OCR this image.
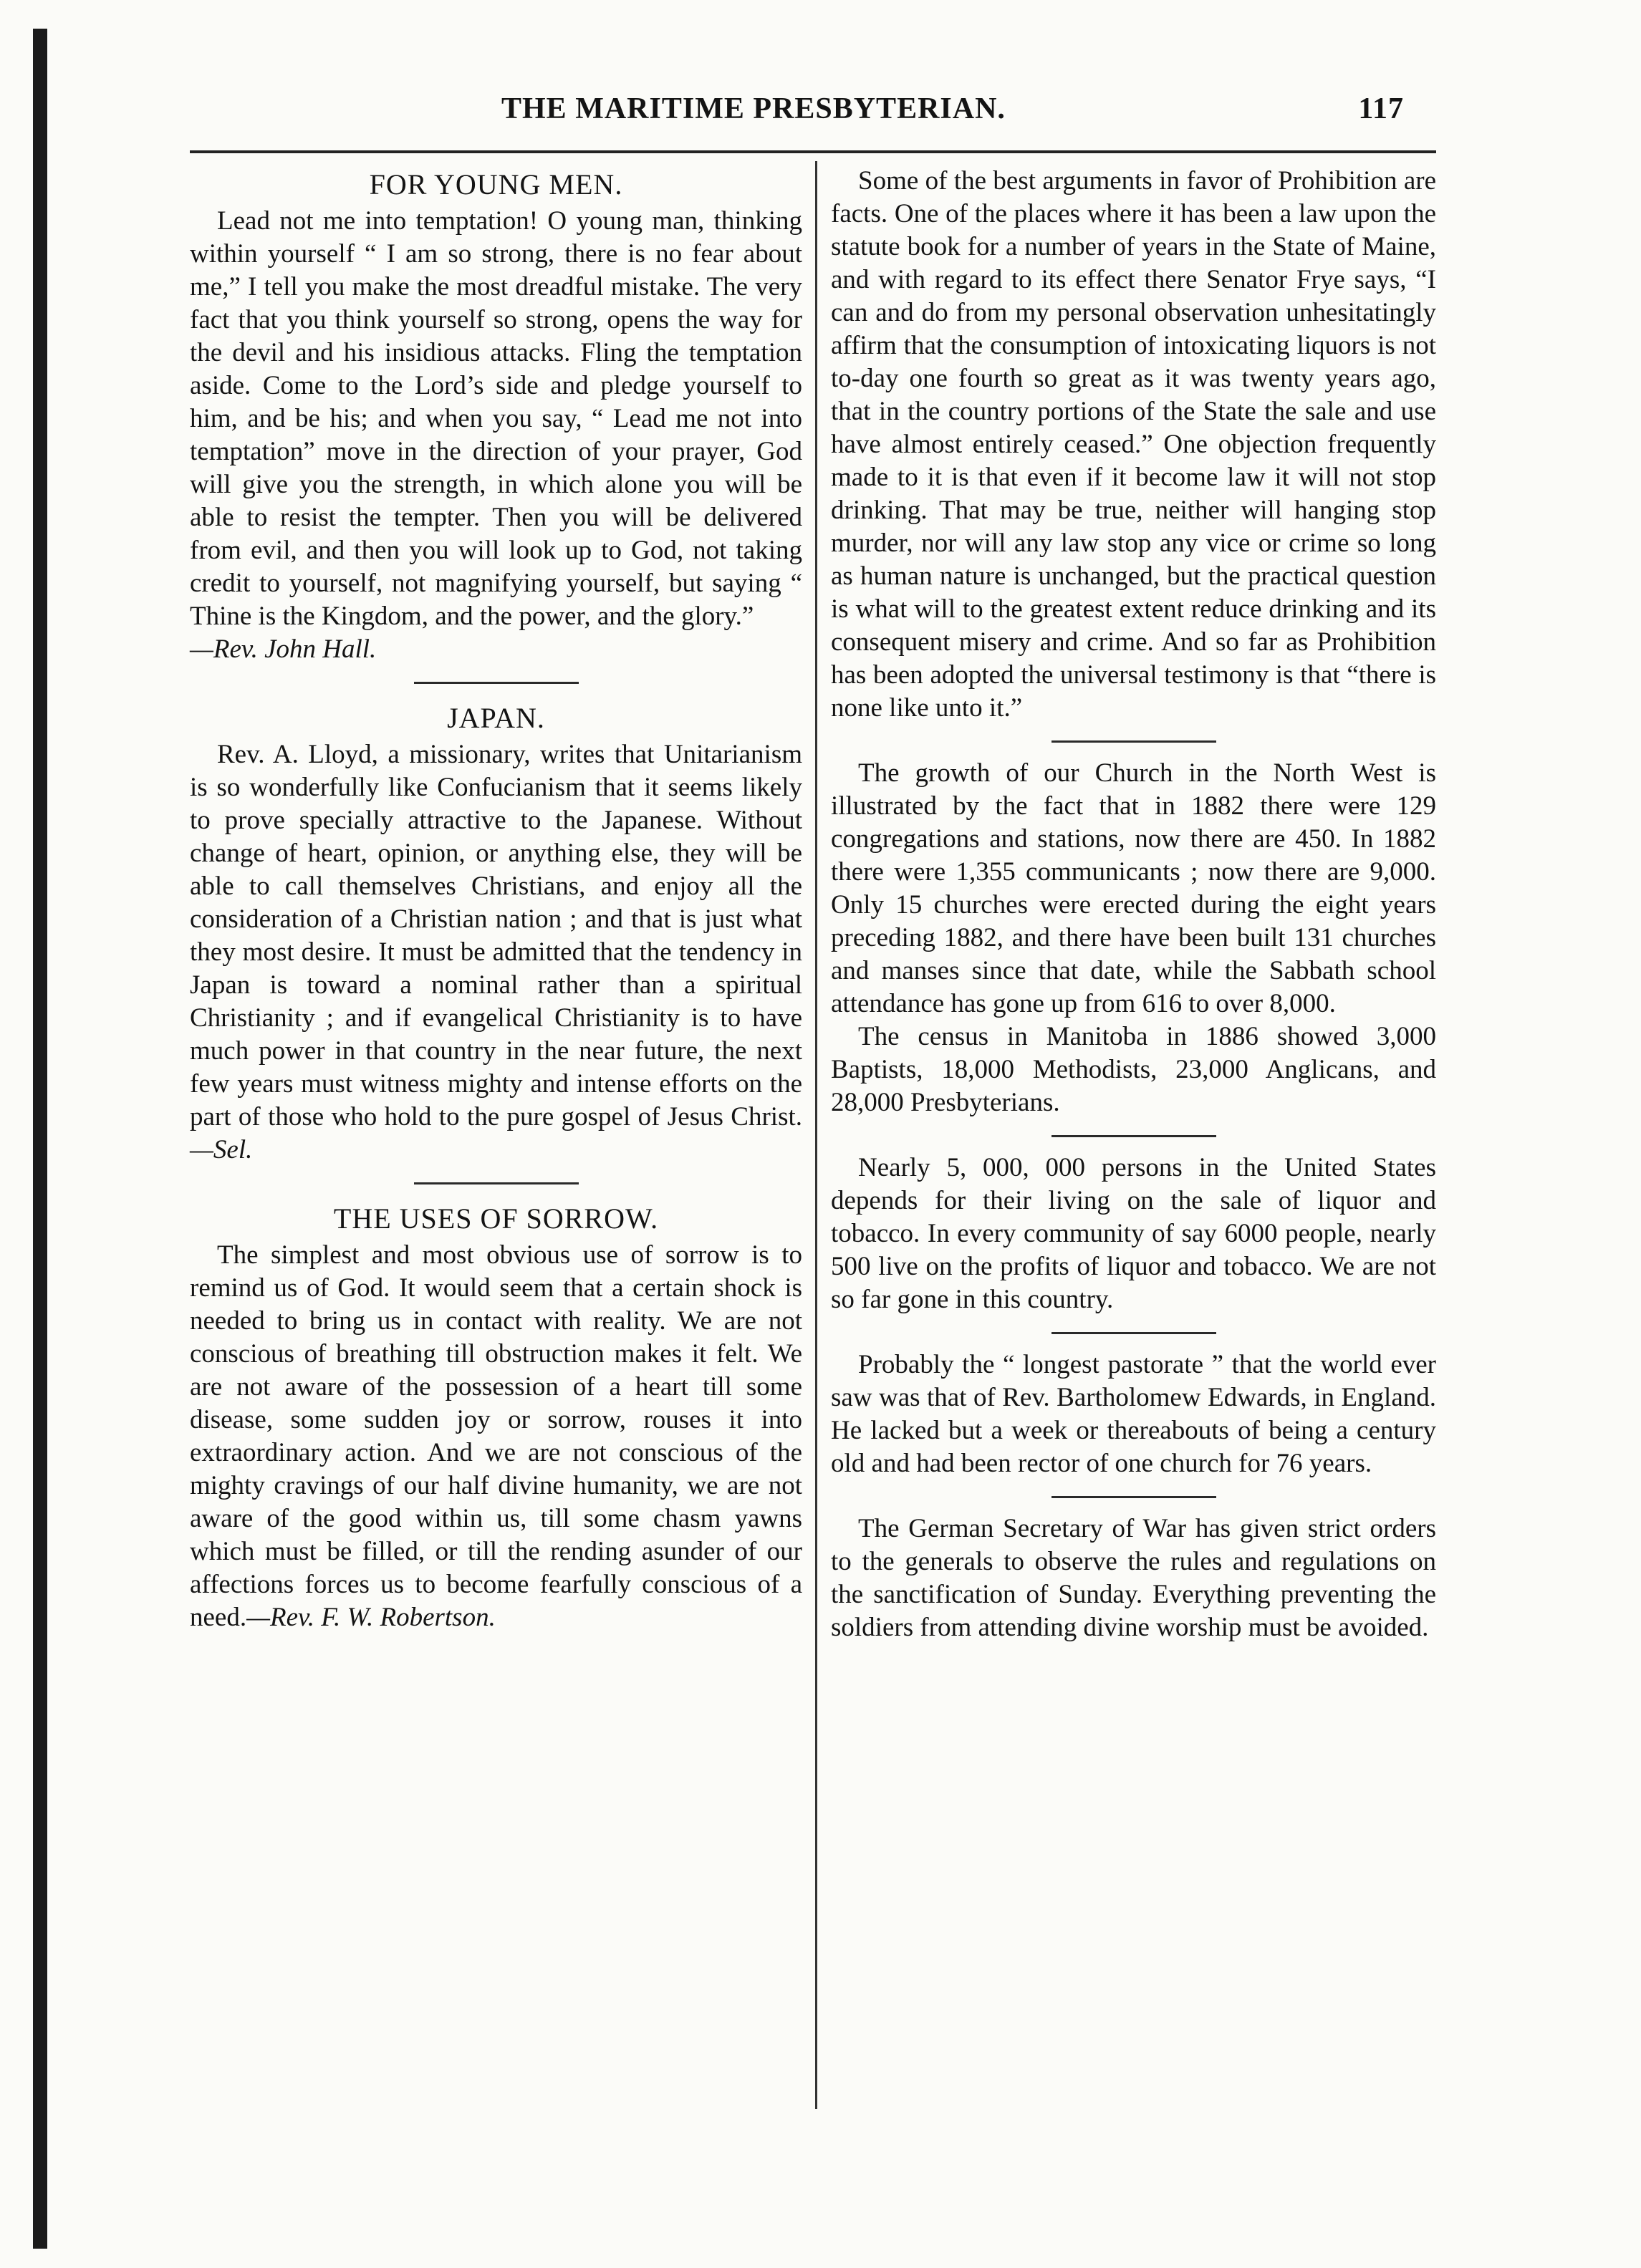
THE MARITIME PRESBYTERIAN.	117
FOR YOUNG MEN.

Lead not me into temptation! O young man, thinking within yourself “ I am so strong, there is no fear about me,” I tell you make the most dreadful mistake. The very fact that you think yourself so strong, opens the way for the devil and his insidious attacks. Fling the temptation aside. Come to the Lord’s side and pledge yourself to him, and be his; and when you say, “ Lead me not into temptation” move in the direction of your prayer, God will give you the strength, in which alone you will be able to resist the tempter. Then you will be delivered from evil, and then you will look up to God, not taking credit to yourself, not magnifying yourself, but saying “ Thine is the Kingdom, and the power, and the glory.”

—Rev. John Hall.

JAPAN.

Rev. A. Lloyd, a missionary, writes that Unitarianism is so wonderfully like Confucianism that it seems likely to prove specially attractive to the Japanese. Without change of heart, opinion, or anything else, they will be able to call themselves Christians, and enjoy all the consideration of a Christian nation ; and that is just what they most desire. It must be admitted that the tendency in Japan is toward a nominal rather than a spiritual Christianity ; and if evangelical Christianity is to have much power in that country in the near future, the next few years must witness mighty and intense efforts on the part of those who hold to the pure gospel of Jesus Christ.—Sel.

THE USES OF SORROW.

The simplest and most obvious use of sorrow is to remind us of God. It would seem that a certain shock is needed to bring us in contact with reality. We are not conscious of breathing till obstruction makes it felt. We are not aware of the possession of a heart till some disease, some sudden joy or sorrow, rouses it into extraordinary action. And we are not conscious of the mighty cravings of our half divine humanity, we are not aware of the good within us, till some chasm yawns which must be filled, or till the rending asunder of our affections forces us to become fearfully conscious of a need.—Rev. F. W. Robertson.

Some of the best arguments in favor of Prohibition are facts. One of the places where it has been a law upon the statute book for a number of years in the State of Maine, and with regard to its effect there Senator Frye says, “I can and do from my personal observation unhesitatingly affirm that the consumption of intoxicating liquors is not to-day one fourth so great as it was twenty years ago, that in the country portions of the State the sale and use have almost entirely ceased.” One objection frequently made to it is that even if it become law it will not stop drinking. That may be true, neither will hanging stop murder, nor will any law stop any vice or crime so long as human nature is unchanged, but the practical question is what will to the greatest extent reduce drinking and its consequent misery and crime. And so far as Prohibition has been adopted the universal testimony is that “there is none like unto it.”

The growth of our Church in the North West is illustrated by the fact that in 1882 there were 129 congregations and stations, now there are 450. In 1882 there were 1,355 communicants ; now there are 9,000. Only 15 churches were erected during the eight years preceding 1882, and there have been built 131 churches and manses since that date, while the Sabbath school attendance has gone up from 616 to over 8,000.

The census in Manitoba in 1886 showed 3,000 Baptists, 18,000 Methodists, 23,000 Anglicans, and 28,000 Presbyterians.

Nearly 5, 000, 000 persons in the United States depends for their living on the sale of liquor and tobacco. In every community of say 6000 people, nearly 500 live on the profits of liquor and tobacco. We are not so far gone in this country.

Probably the “ longest pastorate ” that the world ever saw was that of Rev. Bartholomew Edwards, in England. He lacked but a week or thereabouts of being a century old and had been rector of one church for 76 years.

The German Secretary of War has given strict orders to the generals to observe the rules and regulations on the sanctification of Sunday. Everything preventing the soldiers from attending divine worship must be avoided.
